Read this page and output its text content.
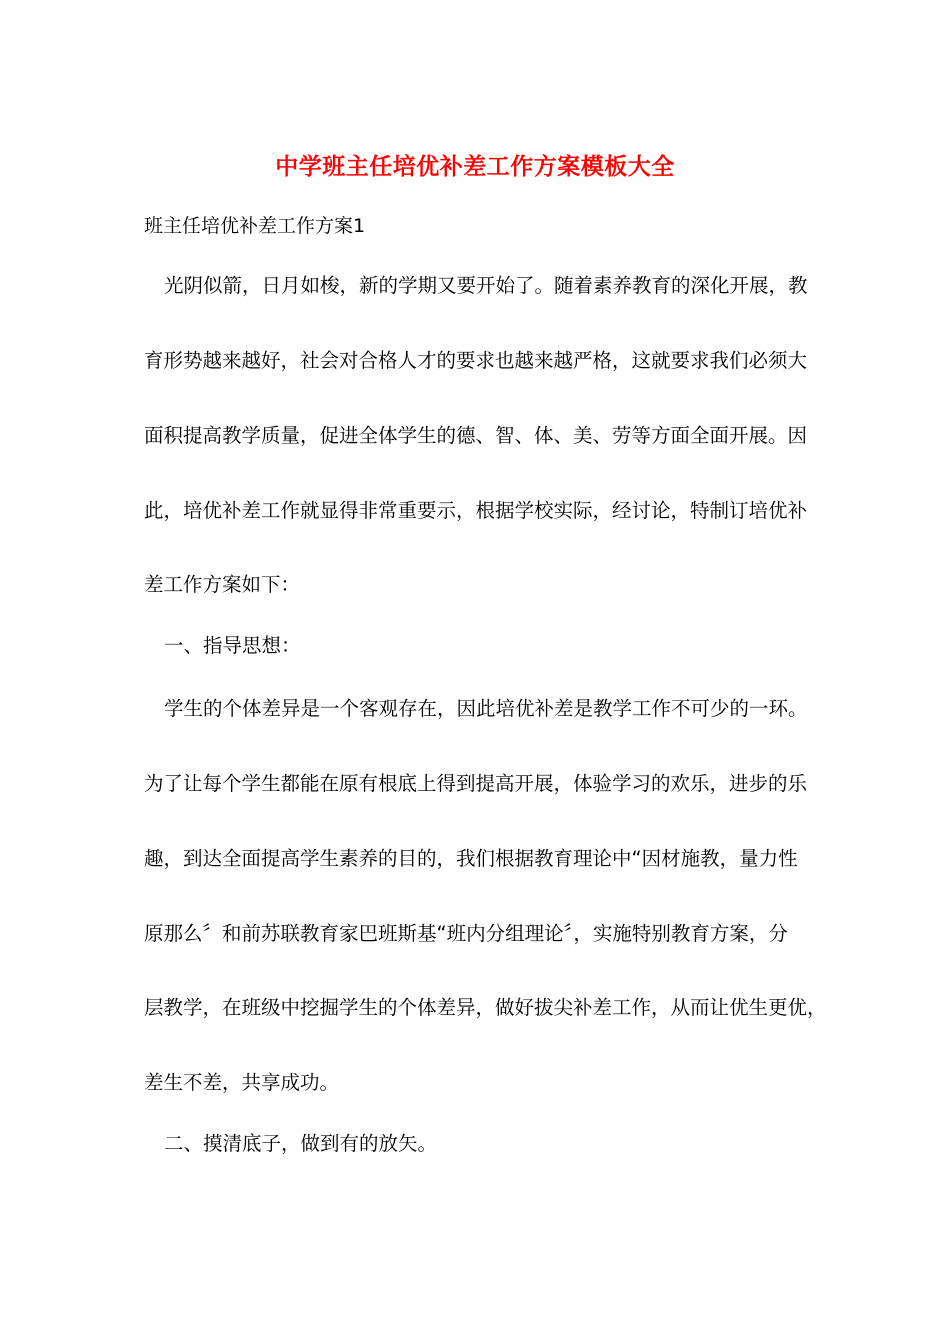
中学班主任培优补差工作方案模板大全
班主任培优补差工作方案1
光阴似箭，日月如梭，新的学期又要开始了。随着素养教育的深化开展，教
育形势越来越好，社会对合格人才的要求也越来越严格，这就要求我们必须大
面积提高教学质量，促进全体学生的德、智、体、美、劳等方面全面开展。因
此，培优补差工作就显得非常重要示，根据学校实际，经讨论，特制订培优补
差工作方案如下：
一、指导思想：
学生的个体差异是一个客观存在，因此培优补差是教学工作不可少的一环。
为了让每个学生都能在原有根底上得到提高开展，体验学习的欢乐，进步的乐
趣，到达全面提高学生素养的目的，我们根据教育理论中“因材施教，量力性
原那么〞和前苏联教育家巴班斯基“班内分组理论〞，实施特别教育方案，分
层教学，在班级中挖掘学生的个体差异，做好拔尖补差工作，从而让优生更优，
差生不差，共享成功。
二、摸清底子，做到有的放矢。
